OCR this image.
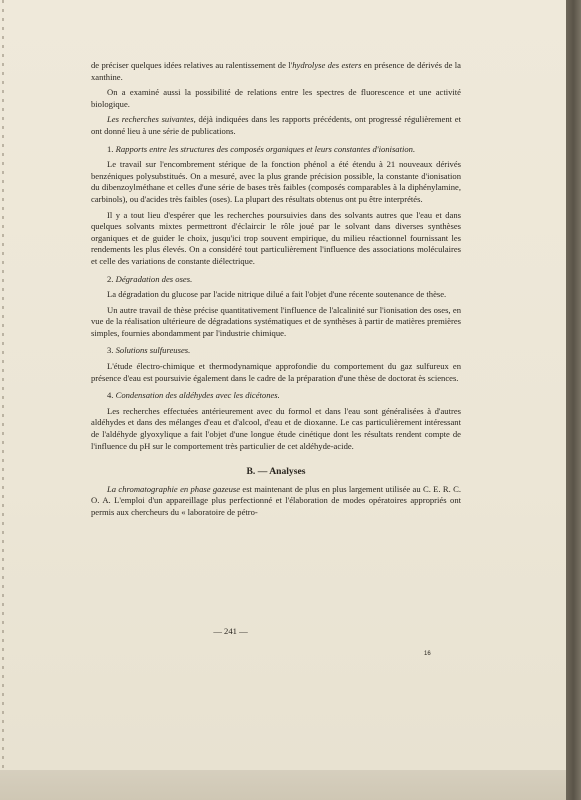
de préciser quelques idées relatives au ralentissement de l'hydrolyse des esters en présence de dérivés de la xanthine.

On a examiné aussi la possibilité de relations entre les spectres de fluorescence et une activité biologique.

Les recherches suivantes, déjà indiquées dans les rapports précédents, ont progressé régulièrement et ont donné lieu à une série de publications.

1. Rapports entre les structures des composés organiques et leurs constantes d'ionisation.

Le travail sur l'encombrement stérique de la fonction phénol a été étendu à 21 nouveaux dérivés benzéniques polysubstitués. On a mesuré, avec la plus grande précision possible, la constante d'ionisation du dibenzoylméthane et celles d'une série de bases très faibles (composés comparables à la diphénylamine, carbinols), ou d'acides très faibles (oses). La plupart des résultats obtenus ont pu être interprétés.

Il y a tout lieu d'espérer que les recherches poursuivies dans des solvants autres que l'eau et dans quelques solvants mixtes permettront d'éclaircir le rôle joué par le solvant dans diverses synthèses organiques et de guider le choix, jusqu'ici trop souvent empirique, du milieu réactionnel fournissant les rendements les plus élevés. On a considéré tout particulièrement l'influence des associations moléculaires et celle des variations de constante diélectrique.

2. Dégradation des oses.

La dégradation du glucose par l'acide nitrique dilué a fait l'objet d'une récente soutenance de thèse.

Un autre travail de thèse précise quantitativement l'influence de l'alcalinité sur l'ionisation des oses, en vue de la réalisation ultérieure de dégradations systématiques et de synthèses à partir de matières premières simples, fournies abondamment par l'industrie chimique.

3. Solutions sulfureuses.

L'étude électro-chimique et thermodynamique approfondie du comportement du gaz sulfureux en présence d'eau est poursuivie également dans le cadre de la préparation d'une thèse de doctorat ès sciences.

4. Condensation des aldéhydes avec les dicétones.

Les recherches effectuées antérieurement avec du formol et dans l'eau sont généralisées à d'autres aldéhydes et dans des mélanges d'eau et d'alcool, d'eau et de dioxanne. Le cas particulièrement intéressant de l'aldéhyde glyoxylique a fait l'objet d'une longue étude cinétique dont les résultats rendent compte de l'influence du pH sur le comportement très particulier de cet aldéhyde-acide.

B. — Analyses

La chromatographie en phase gazeuse est maintenant de plus en plus largement utilisée au C. E. R. C. O. A. L'emploi d'un appareillage plus perfectionné et l'élaboration de modes opératoires appropriés ont permis aux chercheurs du « laboratoire de pétro-

— 241 —
16
